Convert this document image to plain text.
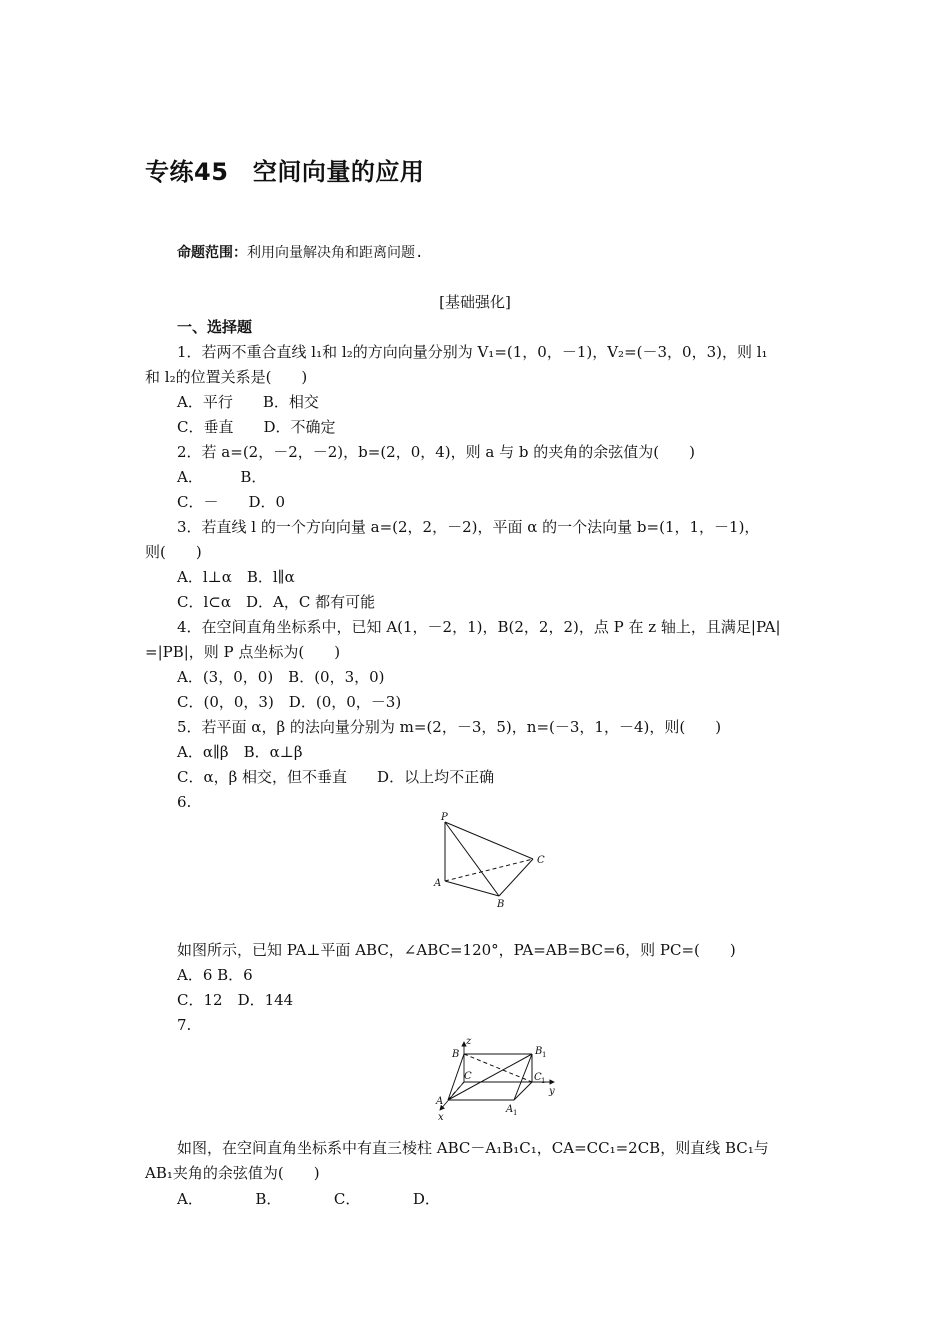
专练45　空间向量的应用
命题范围：利用向量解决角和距离问题.
[基础强化]
一、选择题
1．若两不重合直线 l₁和 l₂的方向向量分别为 V₁=(1，0，－1)，V₂=(－3，0，3)，则 l₁
和 l₂的位置关系是(　　)
A．平行　　B．相交
C．垂直　　D．不确定
2．若 a=(2，－2，－2)，b=(2，0，4)，则 a 与 b 的夹角的余弦值为(　　)
A．　　　B．
C．－　　D．0
3．若直线 l 的一个方向向量 a=(2，2，－2)，平面 α 的一个法向量 b=(1，1，－1)，
则(　　)
A．l⊥α　B．l∥α
C．l⊂α　D．A，C 都有可能
4．在空间直角坐标系中，已知 A(1，－2，1)，B(2，2，2)，点 P 在 z 轴上，且满足|PA|
=|PB|，则 P 点坐标为(　　)
A．(3，0，0)　B．(0，3，0)
C．(0，0，3)　D．(0，0，－3)
5．若平面 α，β 的法向量分别为 m=(2，－3，5)，n=(－3，1，－4)，则(　　)
A．α∥β　B．α⊥β
C．α，β 相交，但不垂直　　D．以上均不正确
6.
P
A
B
C
如图所示，已知 PA⊥平面 ABC，∠ABC=120°，PA=AB=BC=6，则 PC=(　　)
A．6 B．6
C．12　D．144
7.
z
y
x
B	B 1
C	C 1
A
A 1
如图，在空间直角坐标系中有直三棱柱 ABC－A₁B₁C₁，CA=CC₁=2CB，则直线 BC₁与
AB₁夹角的余弦值为(　　)
A．　　　　B．　　　　C．　　　　D．
